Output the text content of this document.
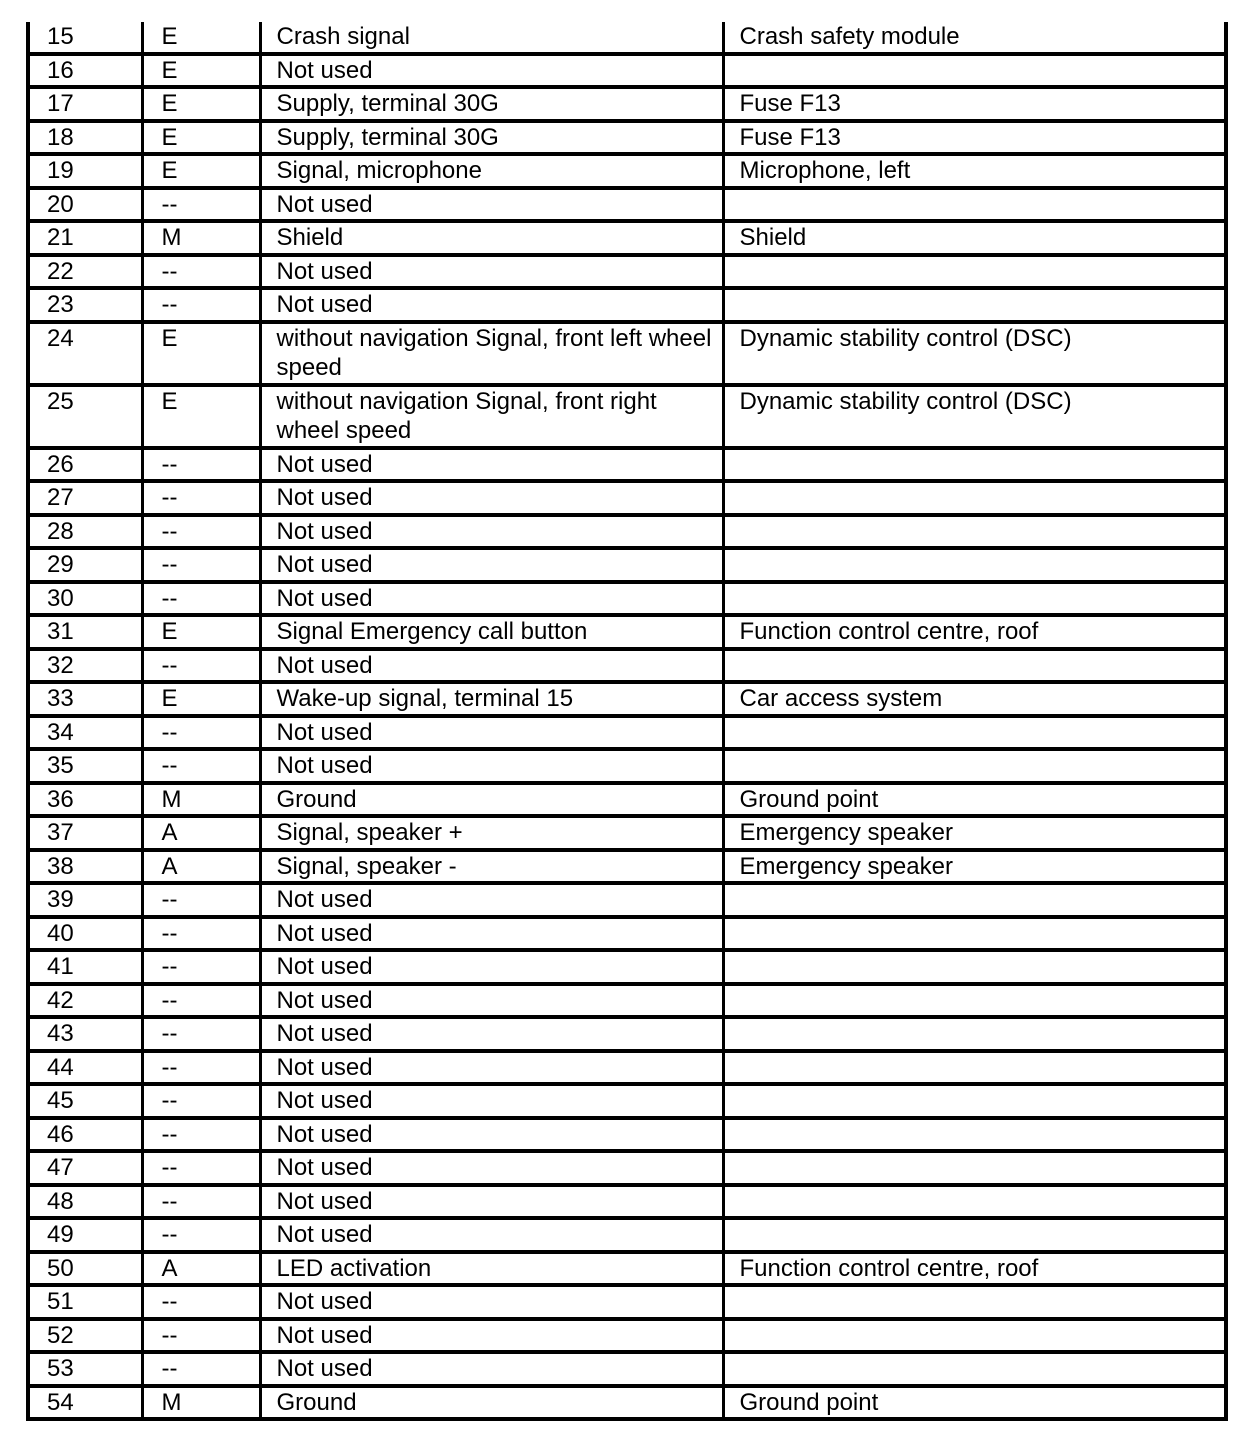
15	E	Crash signal	Crash safety module
16	E	Not used	
17	E	Supply, terminal 30G	Fuse F13
18	E	Supply, terminal 30G	Fuse F13
19	E	Signal, microphone	Microphone, left
20	--	Not used	
21	M	Shield	Shield
22	--	Not used	
23	--	Not used	
24	E	without navigation Signal, front left wheel speed	Dynamic stability control (DSC)
25	E	without navigation Signal, front right wheel speed	Dynamic stability control (DSC)
26	--	Not used	
27	--	Not used	
28	--	Not used	
29	--	Not used	
30	--	Not used	
31	E	Signal Emergency call button	Function control centre, roof
32	--	Not used	
33	E	Wake-up signal, terminal 15	Car access system
34	--	Not used	
35	--	Not used	
36	M	Ground	Ground point
37	A	Signal, speaker +	Emergency speaker
38	A	Signal, speaker -	Emergency speaker
39	--	Not used	
40	--	Not used	
41	--	Not used	
42	--	Not used	
43	--	Not used	
44	--	Not used	
45	--	Not used	
46	--	Not used	
47	--	Not used	
48	--	Not used	
49	--	Not used	
50	A	LED activation	Function control centre, roof
51	--	Not used	
52	--	Not used	
53	--	Not used	
54	M	Ground	Ground point
